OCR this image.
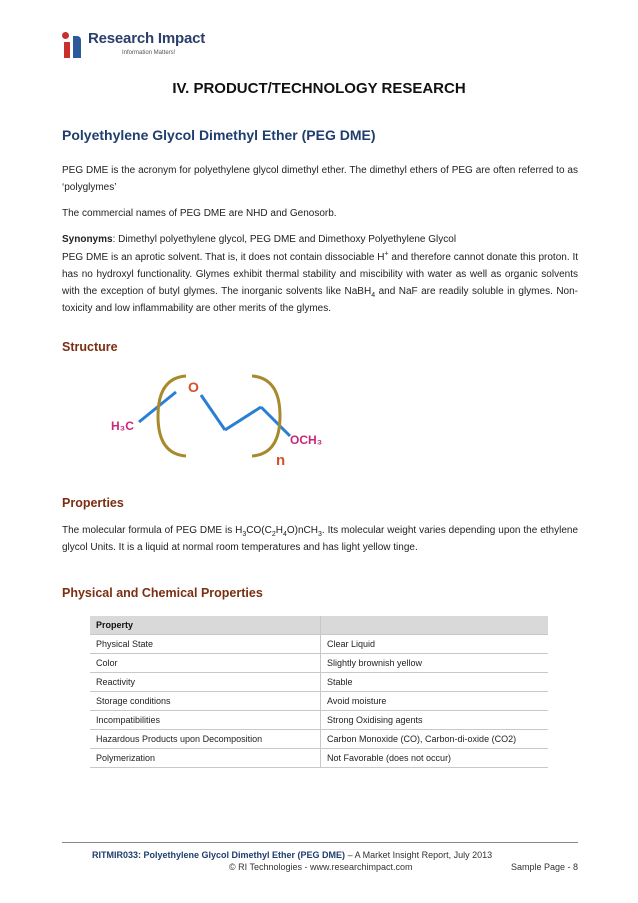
Research Impact
Information Matters!
IV. PRODUCT/TECHNOLOGY RESEARCH
Polyethylene Glycol Dimethyl Ether (PEG DME)
PEG DME is the acronym for polyethylene glycol dimethyl ether. The dimethyl ethers of PEG are often referred to as ‘polyglymes’
The commercial names of PEG DME are NHD and Genosorb.
Synonyms: Dimethyl polyethylene glycol, PEG DME and Dimethoxy Polyethylene Glycol
PEG DME is an aprotic solvent. That is, it does not contain dissociable H+ and therefore cannot donate this proton. It has no hydroxyl functionality. Glymes exhibit thermal stability and miscibility with water as well as organic solvents with the exception of butyl glymes. The inorganic solvents like NaBH$_4$ and NaF are readily soluble in glymes. Non-toxicity and low inflammability are other merits of the glymes.
Structure
O
H₃C
OCH₃
n
Properties
The molecular formula of PEG DME is $H_3CO(C_2H_4O)nCH_3$. Its molecular weight varies depending upon the ethylene glycol Units. It is a liquid at normal room temperatures and has light yellow tinge.
Physical and Chemical Properties
Property	
Physical State	Clear Liquid
Color	Slightly brownish yellow
Reactivity	Stable
Storage conditions	Avoid moisture
Incompatibilities	Strong Oxidising agents
Hazardous Products upon Decomposition	Carbon Monoxide (CO), Carbon-di-oxide (CO2)
Polymerization	Not Favorable (does not occur)
RITMIR033: Polyethylene Glycol Dimethyl Ether (PEG DME) – A Market Insight Report, July 2013
© RI Technologies - www.researchimpact.com	Sample Page - 8
